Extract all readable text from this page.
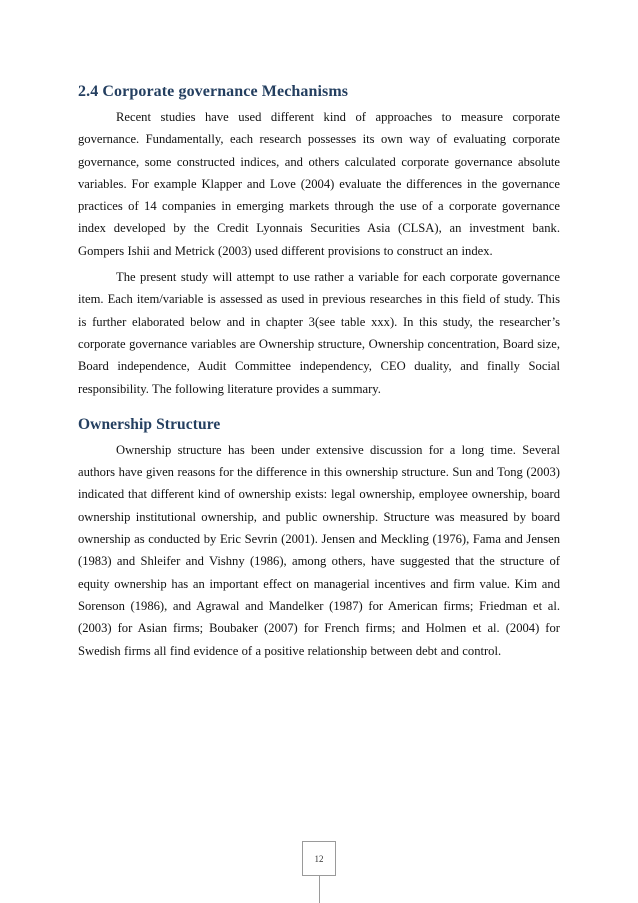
2.4 Corporate governance Mechanisms

Recent studies have used different kind of approaches to measure corporate governance. Fundamentally, each research possesses its own way of evaluating corporate governance, some constructed indices, and others calculated corporate governance absolute variables. For example Klapper and Love (2004) evaluate the differences in the governance practices of 14 companies in emerging markets through the use of a corporate governance index developed by the Credit Lyonnais Securities Asia (CLSA), an investment bank. Gompers Ishii and Metrick (2003) used different provisions to construct an index.

The present study will attempt to use rather a variable for each corporate governance item. Each item/variable is assessed as used in previous researches in this field of study. This is further elaborated below and in chapter 3(see table xxx). In this study, the researcher’s corporate governance variables are Ownership structure, Ownership concentration, Board size, Board independence, Audit Committee independency, CEO duality, and finally Social responsibility. The following literature provides a summary.

Ownership Structure

Ownership structure has been under extensive discussion for a long time. Several authors have given reasons for the difference in this ownership structure. Sun and Tong (2003) indicated that different kind of ownership exists: legal ownership, employee ownership, board ownership institutional ownership, and public ownership. Structure was measured by board ownership as conducted by Eric Sevrin (2001). Jensen and Meckling (1976), Fama and Jensen (1983) and Shleifer and Vishny (1986), among others, have suggested that the structure of equity ownership has an important effect on managerial incentives and firm value. Kim and Sorenson (1986), and Agrawal and Mandelker (1987) for American firms; Friedman et al. (2003) for Asian firms; Boubaker (2007) for French firms; and Holmen et al. (2004) for Swedish firms all find evidence of a positive relationship between debt and control.

12
